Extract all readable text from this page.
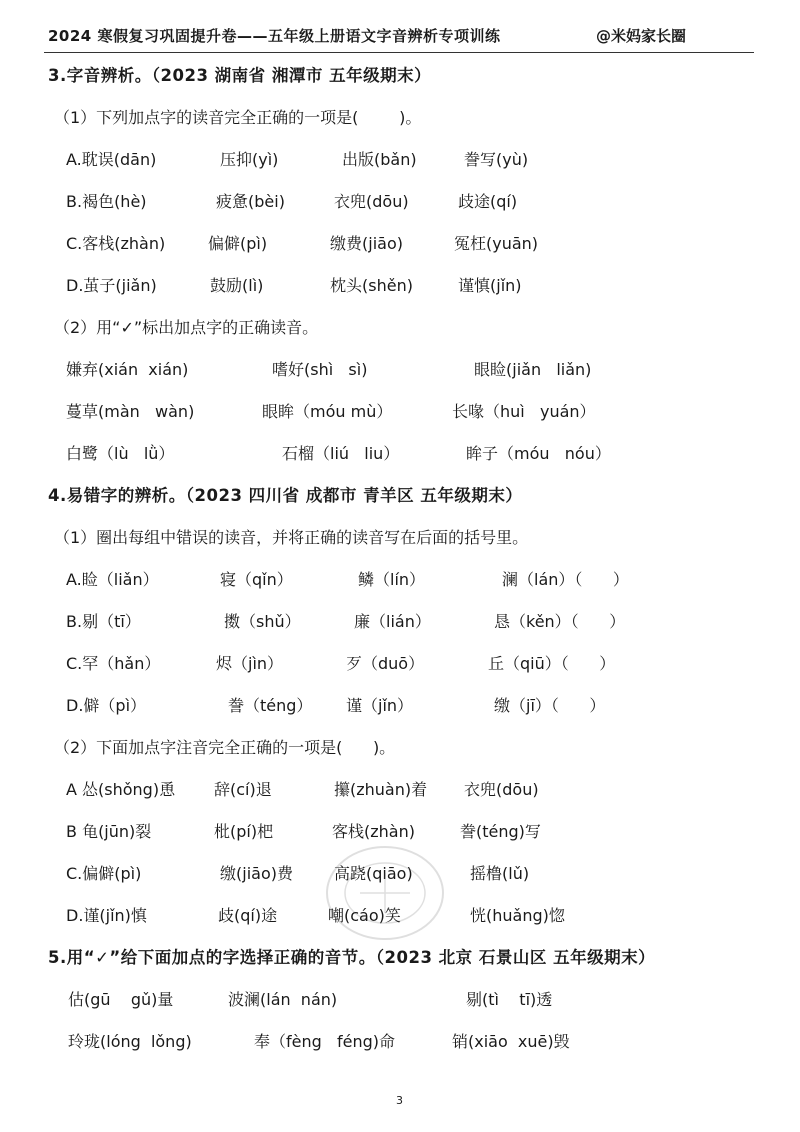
2024 寒假复习巩固提升卷——五年级上册语文字音辨析专项训练	@米妈家长圈
3.字音辨析。（2023 湖南省 湘潭市 五年级期末）
（1）下列加点字的读音完全正确的一项是(        )。
A.耽误(dān)	压抑(yì)	出版(bǎn)	誊写(yù)
B.褐色(hè)	疲惫(bèi)	衣兜(dōu)	歧途(qí)
C.客栈(zhàn)	偏僻(pì)	缴费(jiāo)	冤枉(yuān)
D.茧子(jiǎn)	鼓励(lì)	枕头(shěn)	谨慎(jǐn)
（2）用“✓”标出加点字的正确读音。
嫌弃(xián  xián)	嗜好(shì   sì)	眼睑(jiǎn   liǎn)
蔓草(màn   wàn)	眼眸（móu mù）	长喙（huì   yuán）
白鹭（lù   lǜ）	石榴（liú   liu）	眸子（móu   nóu）
4.易错字的辨析。（2023 四川省 成都市 青羊区 五年级期末）
（1）圈出每组中错误的读音，并将正确的读音写在后面的括号里。
A.睑（liǎn）	寝（qǐn）	鳞（lín）	澜（lán）（      ）
B.剔（tī）	擞（shǔ）	廉（lián）	恳（kěn）（      ）
C.罕（hǎn）	烬（jìn）	歹（duō）	丘（qiū）（      ）
D.僻（pì）	誊（téng） 谨（jǐn）	缴（jī）（      ）
（2）下面加点字注音完全正确的一项是(      )。
A 怂(shǒng)恿 辞(cí)退	攥(zhuàn)着 衣兜(dōu)
B 龟(jūn)裂	枇(pí)杷	客栈(zhàn)	誊(téng)写
C.偏僻(pì)	缴(jiāo)费	高跷(qiāo)	摇橹(lǔ)
D.谨(jǐn)慎	歧(qí)途	嘲(cáo)笑	恍(huǎng)惚
5.用“✓”给下面加点的字选择正确的音节。（2023 北京 石景山区 五年级期末）
估(gū    gǔ)量	波澜(lán  nán)	剔(tì    tī)透
玲珑(lóng  lǒng)	奉（fèng   féng)命	销(xiāo  xuē)毁
3
